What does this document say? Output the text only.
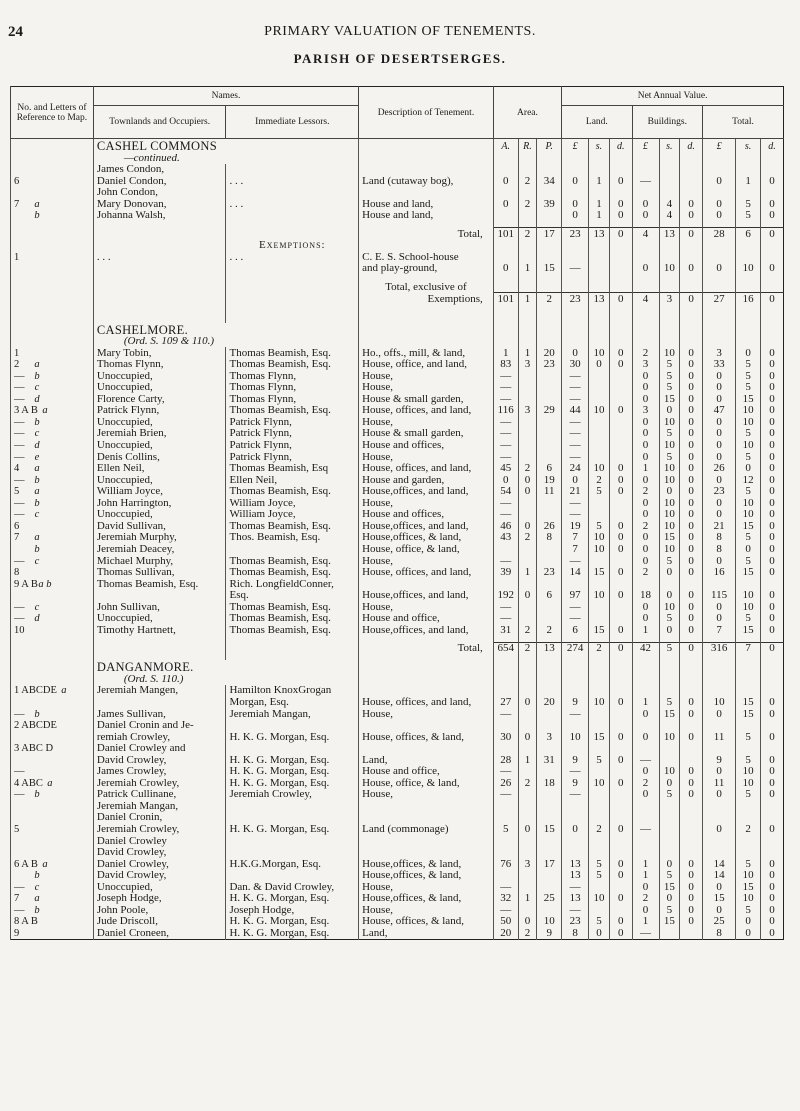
24	PRIMARY VALUATION OF TENEMENTS.
PARISH OF DESERTSERGES.
No. and Letters of Reference to Map.	Names.		Description of Tenement.	Area.			Net Annual Value.								
	Townlands and Occupiers.	Immediate Lessors.					Land.			Buildings.			Total.		
	CASHEL COMMONS			A.	R.	P.	£	s.	d.	£	s.	d.	£	s.	d.
	—continued.														
	James Condon,														
6	Daniel Condon,	. . .	Land (cutaway bog),	0	2	34	0	1	0	—			0	1	0
	John Condon,														
7 a	Mary Donovan,	. . .	House and land,	0	2	39	0	1	0	0	4	0	0	5	0
b	Johanna Walsh,		House and land,				0	1	0	0	4	0	0	5	0

			Total,	101	2	17	23	13	0	4	13	0	28	6	0
		Exemptions:													
1	. . .	. . .	C. E. S. School-house												
			and play-ground,	0	1	15	—			0	10	0	0	10	0

			Total, exclusive of												
			Exemptions,	101	1	2	23	13	0	4	3	0	27	16	0

	CASHELMORE.														
	(Ord. S. 109 & 110.)														
1	Mary Tobin,	Thomas Beamish, Esq.	Ho., offs., mill, & land,	1	1	20	0	10	0	2	10	0	3	0	0
2 a	Thomas Flynn,	Thomas Beamish, Esq.	House, office, and land,	83	3	23	30	0	0	3	5	0	33	5	0
— b	Unoccupied,	Thomas Flynn,	House,	—			—			0	5	0	0	5	0
— c	Unoccupied,	Thomas Flynn,	House,	—			—			0	5	0	0	5	0
— d	Florence Carty,	Thomas Flynn,	House & small garden,	—			—			0	15	0	0	15	0
3 A B a	Patrick Flynn,	Thomas Beamish, Esq.	House, offices, and land,	116	3	29	44	10	0	3	0	0	47	10	0
— b	Unoccupied,	Patrick Flynn,	House,	—			—			0	10	0	0	10	0
— c	Jeremiah Brien,	Patrick Flynn,	House & small garden,	—			—			0	5	0	0	5	0
— d	Unoccupied,	Patrick Flynn,	House and offices,	—			—			0	10	0	0	10	0
— e	Denis Collins,	Patrick Flynn,	House,	—			—			0	5	0	0	5	0
4 a	Ellen Neil,	Thomas Beamish, Esq	House, offices, and land,	45	2	6	24	10	0	1	10	0	26	0	0
— b	Unoccupied,	Ellen Neil,	House and garden,	0	0	19	0	2	0	0	10	0	0	12	0
5 a	William Joyce,	Thomas Beamish, Esq.	House,offices, and land,	54	0	11	21	5	0	2	0	0	23	5	0
— b	John Harrington,	William Joyce,	House,	—			—			0	10	0	0	10	0
— c	Unoccupied,	William Joyce,	House and offices,	—			—			0	10	0	0	10	0
6	David Sullivan,	Thomas Beamish, Esq.	House,offices, and land,	46	0	26	19	5	0	2	10	0	21	15	0
7 a	Jeremiah Murphy,	Thos. Beamish, Esq.	House,offices, & land,	43	2	8	7	10	0	0	15	0	8	5	0
b	Jeremiah Deacey,		House, office, & land,				7	10	0	0	10	0	8	0	0
— c	Michael Murphy,	Thomas Beamish, Esq.	House,	—			—			0	5	0	0	5	0
8	Thomas Sullivan,	Thomas Beamish, Esq.	House, offices, and land,	39	1	23	14	15	0	2	0	0	16	15	0
9 A Ba b	Thomas Beamish, Esq.	Rich. LongfieldConner,													
		Esq.	House,offices, and land,	192	0	6	97	10	0	18	0	0	115	10	0
— c	John Sullivan,	Thomas Beamish, Esq.	House,	—			—			0	10	0	0	10	0
— d	Unoccupied,	Thomas Beamish, Esq.	House and office,	—			—			0	5	0	0	5	0
10	Timothy Hartnett,	Thomas Beamish, Esq.	House,offices, and land,	31	2	2	6	15	0	1	0	0	7	15	0

			Total,	654	2	13	274	2	0	42	5	0	316	7	0

	DANGANMORE.														
	(Ord. S. 110.)														
1 ABCDE a	Jeremiah Mangen,	Hamilton KnoxGrogan													
		Morgan, Esq.	House, offices, and land,	27	0	20	9	10	0	1	5	0	10	15	0
— b	James Sullivan,	Jeremiah Mangan,	House,	—			—			0	15	0	0	15	0
2 ABCDE	Daniel Cronin and Je-														
	remiah Crowley,	H. K. G. Morgan, Esq.	House, offices, & land,	30	0	3	10	15	0	0	10	0	11	5	0
3 ABC D	Daniel Crowley and														
	David Crowley,	H. K. G. Morgan, Esq.	Land,	28	1	31	9	5	0	—			9	5	0
—	James Crowley,	H. K. G. Morgan, Esq.	House and office,	—			—			0	10	0	0	10	0
4 ABC a	Jeremiah Crowley,	H. K. G. Morgan, Esq.	House, office, & land,	26	2	18	9	10	0	2	0	0	11	10	0
— b	Patrick Cullinane,	Jeremiah Crowley,	House,	—			—			0	5	0	0	5	0
	Jeremiah Mangan,														
	Daniel Cronin,														
5	Jeremiah Crowley,	H. K. G. Morgan, Esq.	Land (commonage)	5	0	15	0	2	0	—			0	2	0
	Daniel Crowley														
	David Crowley,														
6 A B a	Daniel Crowley,	H.K.G.Morgan, Esq.	House,offices, & land,	76	3	17	13	5	0	1	0	0	14	5	0
b	David Crowley,		House,offices, & land,				13	5	0	1	5	0	14	10	0
— c	Unoccupied,	Dan. & David Crowley,	House,	—			—			0	15	0	0	15	0
7 a	Joseph Hodge,	H. K. G. Morgan, Esq.	House,offices, & land,	32	1	25	13	10	0	2	0	0	15	10	0
— b	John Poole,	Joseph Hodge,	House,	—			—			0	5	0	0	5	0
8 A B	Jude Driscoll,	H. K. G. Morgan, Esq.	House, offices, & land,	50	0	10	23	5	0	1	15	0	25	0	0
9	Daniel Croneen,	H. K. G. Morgan, Esq.	Land,	20	2	9	8	0	0	—			8	0	0
